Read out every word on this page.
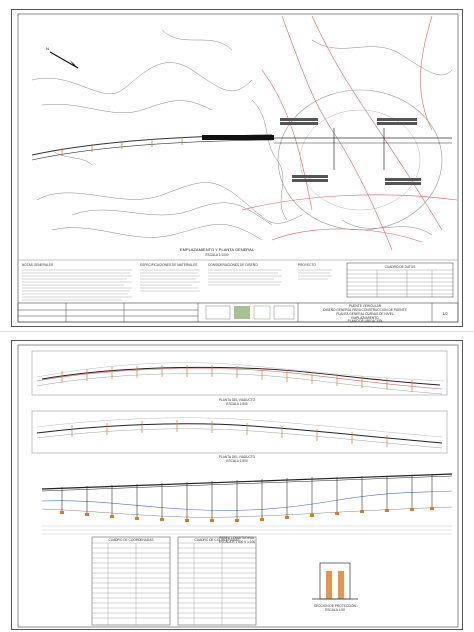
N
EMPLAZAMIENTO Y PLANTA GENERAL
ESCALA 1:1000
NOTAS GENERALES	ESPECIFICACIONES DE MATERIALES	CONSIDERACIONES DE DISEÑO	PROYECTO	CUADRO DE DATOS
PUENTE VEHICULAR
DISEÑO GENERAL PARA CONSTRUCCION DE PUENTE
PLANTA GENERAL CURVAS DE NIVEL
EMPLAZAMIENTO
PLANO DE UBICACION
1/2
PLANTA DEL VIADUCTO
ESCALA 1:500
PLANTA DEL VIADUCTO
ESCALA 1:500
PERFIL LONGITUDINAL
ESCALA H 1:500 V 1:100
CUADRO DE COORDENADAS	CUADRO DE COORDENADAS
SECCION DE PROTECCION
ESCALA 1:50
